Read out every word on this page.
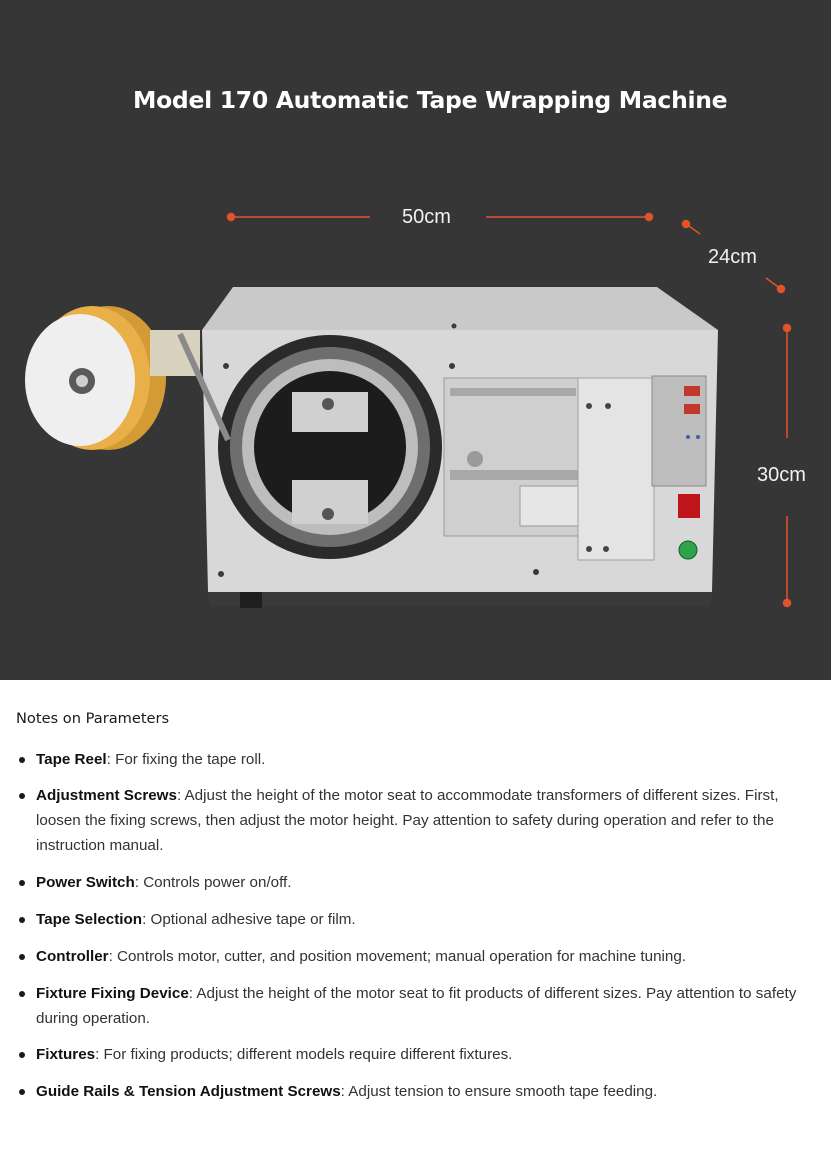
Model 170 Automatic Tape Wrapping Machine
50cm
24cm
30cm
Notes on Parameters
Tape Reel: For fixing the tape roll.
Adjustment Screws: Adjust the height of the motor seat to accommodate transformers of different sizes. First, loosen the fixing screws, then adjust the motor height. Pay attention to safety during operation and refer to the instruction manual.
Power Switch: Controls power on/off.
Tape Selection: Optional adhesive tape or film.
Controller: Controls motor, cutter, and position movement; manual operation for machine tuning.
Fixture Fixing Device: Adjust the height of the motor seat to fit products of different sizes. Pay attention to safety during operation.
Fixtures: For fixing products; different models require different fixtures.
Guide Rails & Tension Adjustment Screws: Adjust tension to ensure smooth tape feeding.
